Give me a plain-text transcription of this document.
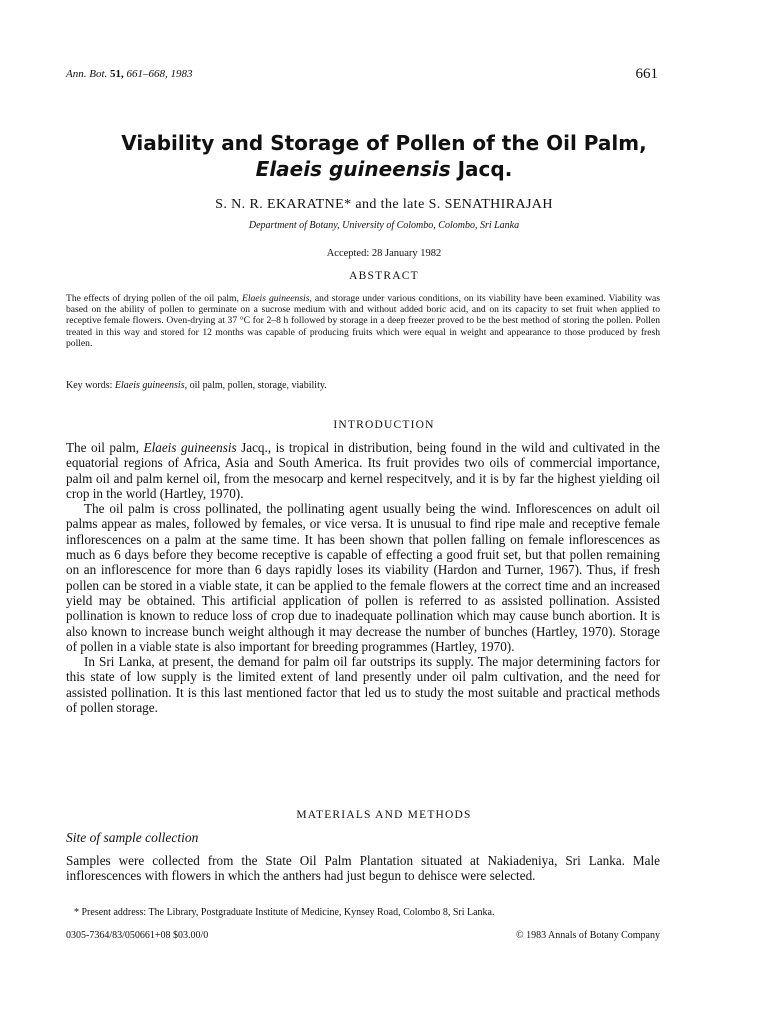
Ann. Bot. 51, 661–668, 1983	661
Viability and Storage of Pollen of the Oil Palm,
Elaeis guineensis Jacq.
S. N. R. EKARATNE* and the late S. SENATHIRAJAH
Department of Botany, University of Colombo, Colombo, Sri Lanka
Accepted: 28 January 1982
ABSTRACT
The effects of drying pollen of the oil palm, Elaeis guineensis, and storage under various conditions, on its viability have been examined. Viability was based on the ability of pollen to germinate on a sucrose medium with and without added boric acid, and on its capacity to set fruit when applied to receptive female flowers. Oven-drying at 37 °C for 2–8 h followed by storage in a deep freezer proved to be the best method of storing the pollen. Pollen treated in this way and stored for 12 months was capable of producing fruits which were equal in weight and appearance to those produced by fresh pollen.
Key words: Elaeis guineensis, oil palm, pollen, storage, viability.
INTRODUCTION

The oil palm, Elaeis guineensis Jacq., is tropical in distribution, being found in the wild and cultivated in the equatorial regions of Africa, Asia and South America. Its fruit provides two oils of commercial importance, palm oil and palm kernel oil, from the mesocarp and kernel respecitvely, and it is by far the highest yielding oil crop in the world (Hartley, 1970).

The oil palm is cross pollinated, the pollinating agent usually being the wind. Inflorescences on adult oil palms appear as males, followed by females, or vice versa. It is unusual to find ripe male and receptive female inflorescences on a palm at the same time. It has been shown that pollen falling on female inflorescences as much as 6 days before they become receptive is capable of effecting a good fruit set, but that pollen remaining on an inflorescence for more than 6 days rapidly loses its viability (Hardon and Turner, 1967). Thus, if fresh pollen can be stored in a viable state, it can be applied to the female flowers at the correct time and an increased yield may be obtained. This artificial application of pollen is referred to as assisted pollination. Assisted pollination is known to reduce loss of crop due to inadequate pollination which may cause bunch abortion. It is also known to increase bunch weight although it may decrease the number of bunches (Hartley, 1970). Storage of pollen in a viable state is also important for breeding programmes (Hartley, 1970).

In Sri Lanka, at present, the demand for palm oil far outstrips its supply. The major determining factors for this state of low supply is the limited extent of land presently under oil palm cultivation, and the need for assisted pollination. It is this last mentioned factor that led us to study the most suitable and practical methods of pollen storage.

MATERIALS AND METHODS
Site of sample collection
Samples were collected from the State Oil Palm Plantation situated at Nakiadeniya, Sri Lanka. Male inflorescences with flowers in which the anthers had just begun to dehisce were selected.
* Present address: The Library, Postgraduate Institute of Medicine, Kynsey Road, Colombo 8, Sri Lanka.
0305-7364/83/050661+08 $03.00/0	© 1983 Annals of Botany Company
